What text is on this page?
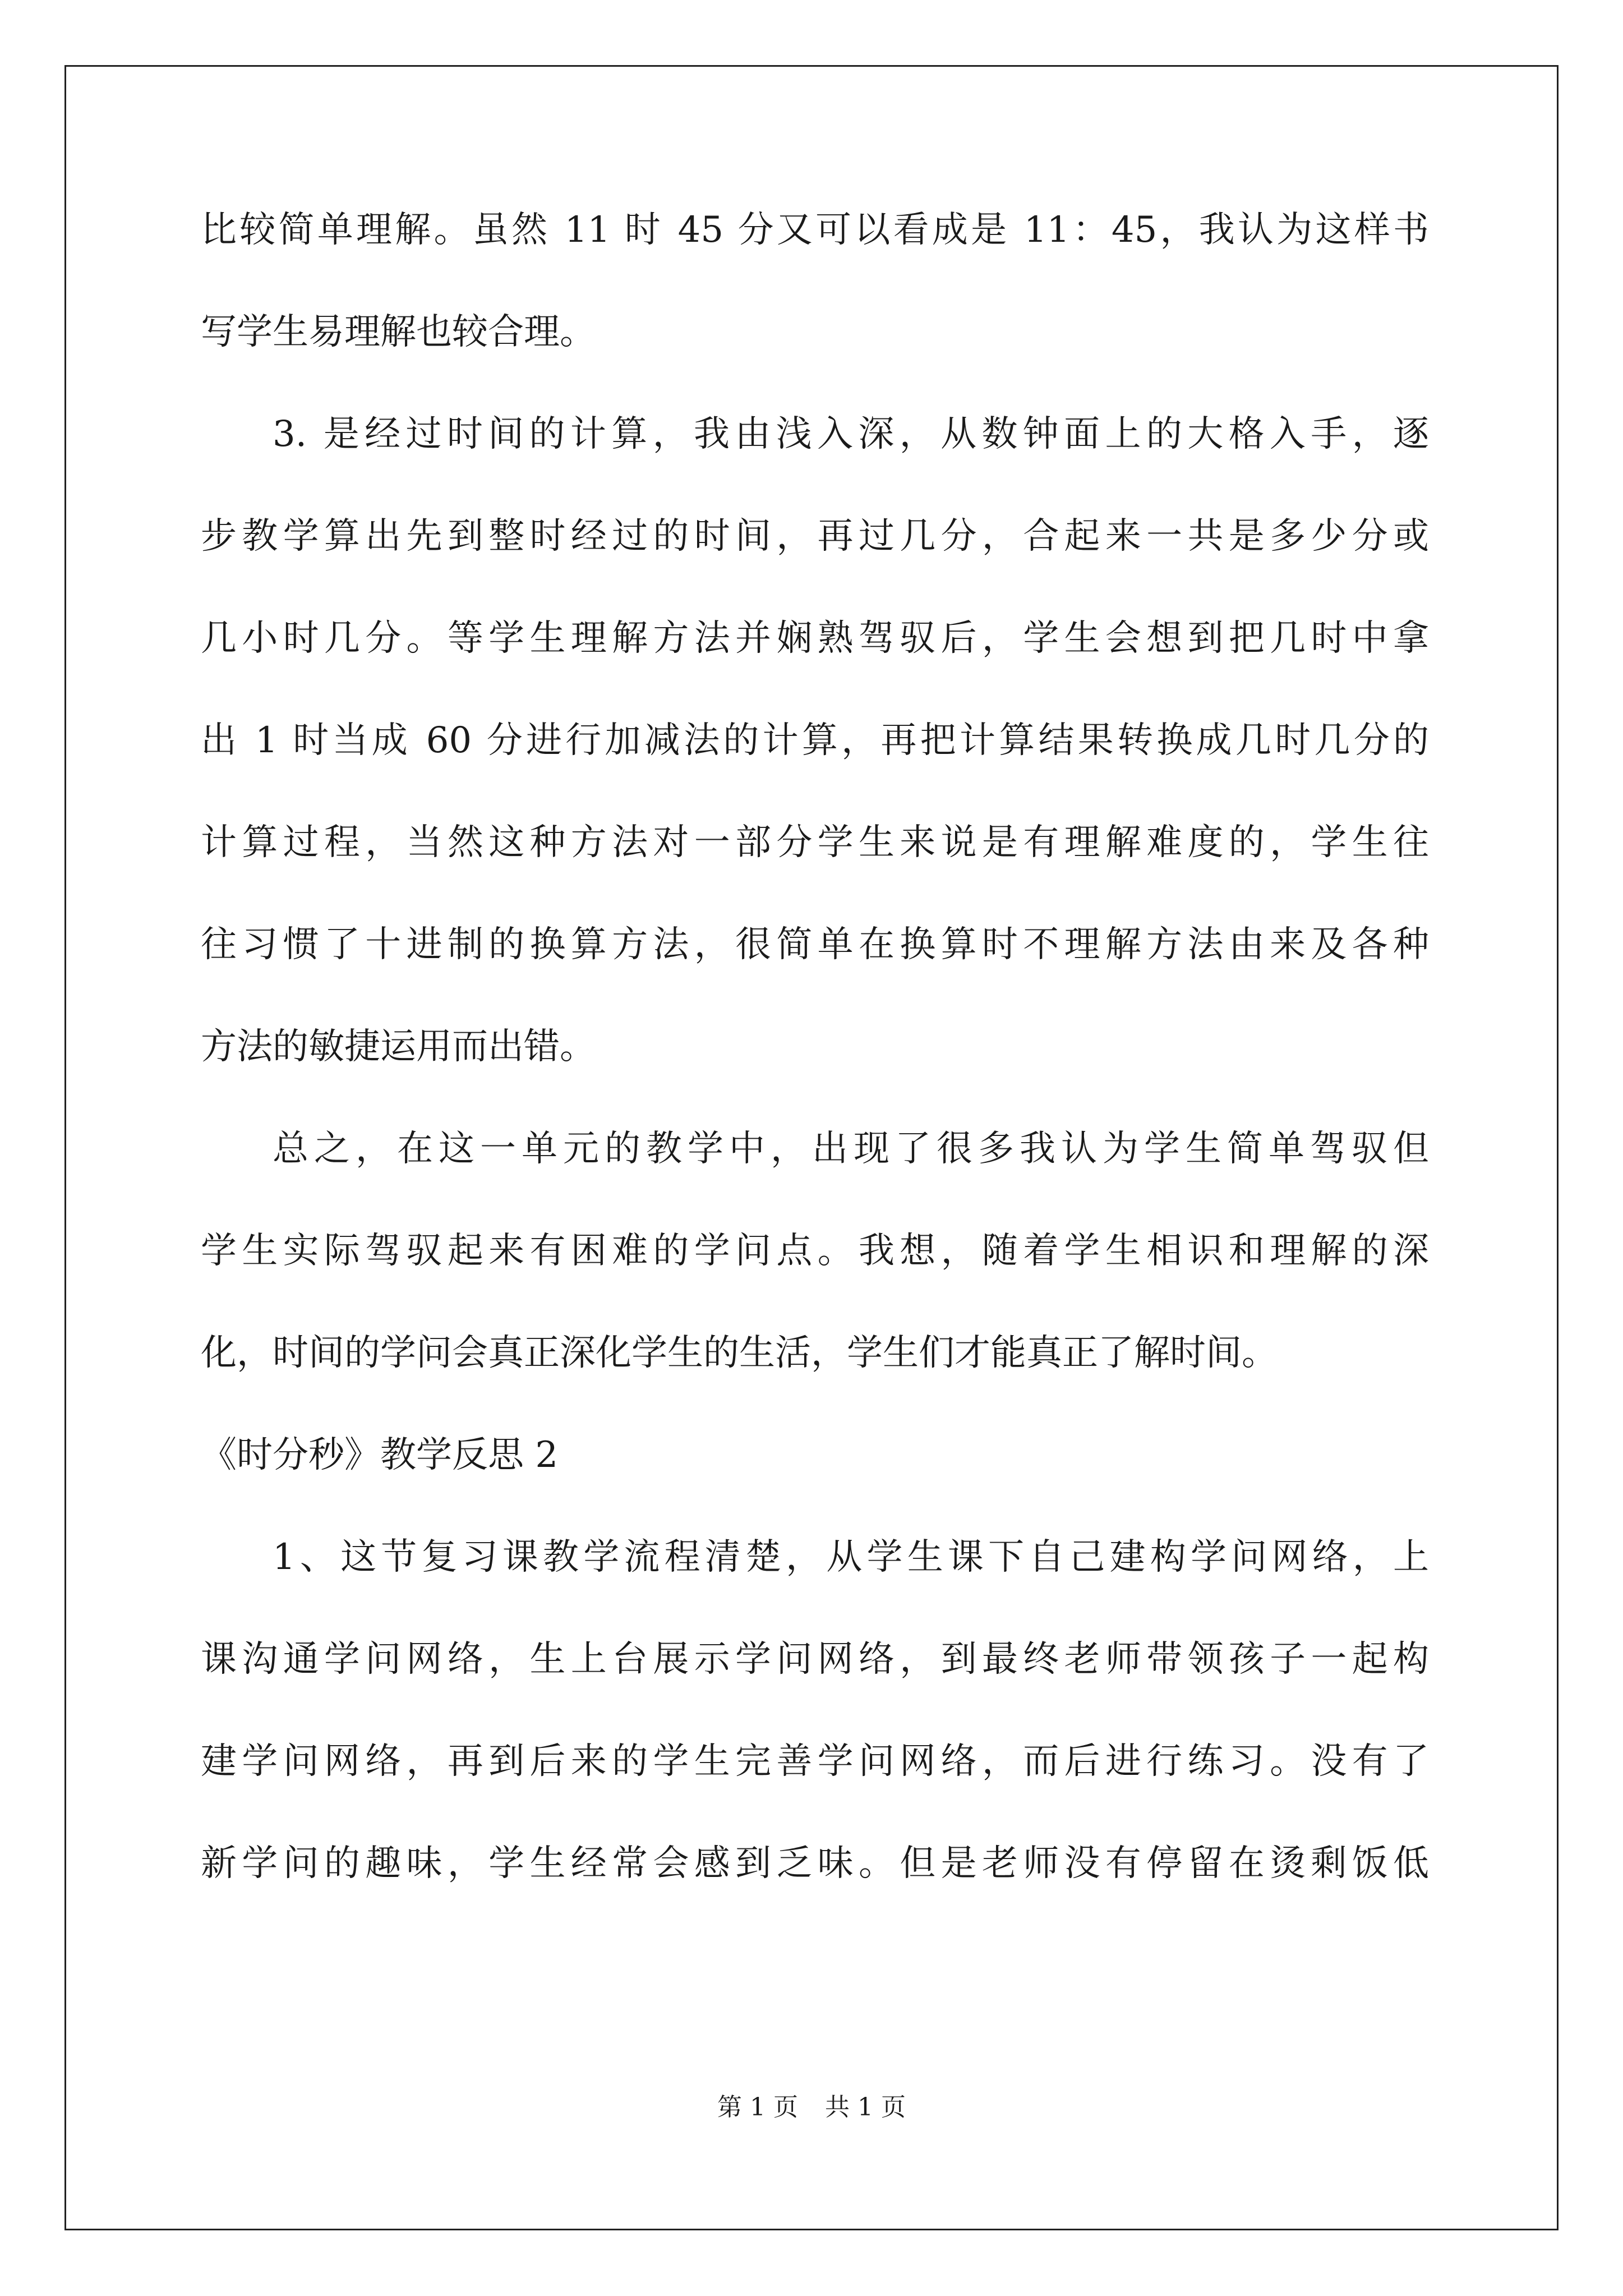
比较简单理解。虽然 11 时 45 分又可以看成是 11：45，我认为这样书
写学生易理解也较合理。
3. 是经过时间的计算，我由浅入深，从数钟面上的大格入手，逐
步教学算出先到整时经过的时间，再过几分，合起来一共是多少分或
几小时几分。等学生理解方法并娴熟驾驭后，学生会想到把几时中拿
出 1 时当成 60 分进行加减法的计算，再把计算结果转换成几时几分的
计算过程，当然这种方法对一部分学生来说是有理解难度的，学生往
往习惯了十进制的换算方法，很简单在换算时不理解方法由来及各种
方法的敏捷运用而出错。
总之，在这一单元的教学中，出现了很多我认为学生简单驾驭但
学生实际驾驭起来有困难的学问点。我想，随着学生相识和理解的深
化，时间的学问会真正深化学生的生活，学生们才能真正了解时间。
《时分秒》教学反思 2
1、这节复习课教学流程清楚，从学生课下自己建构学问网络，上
课沟通学问网络，生上台展示学问网络，到最终老师带领孩子一起构
建学问网络，再到后来的学生完善学问网络，而后进行练习。没有了
新学问的趣味，学生经常会感到乏味。但是老师没有停留在烫剩饭低
第 1 页 共 1 页
